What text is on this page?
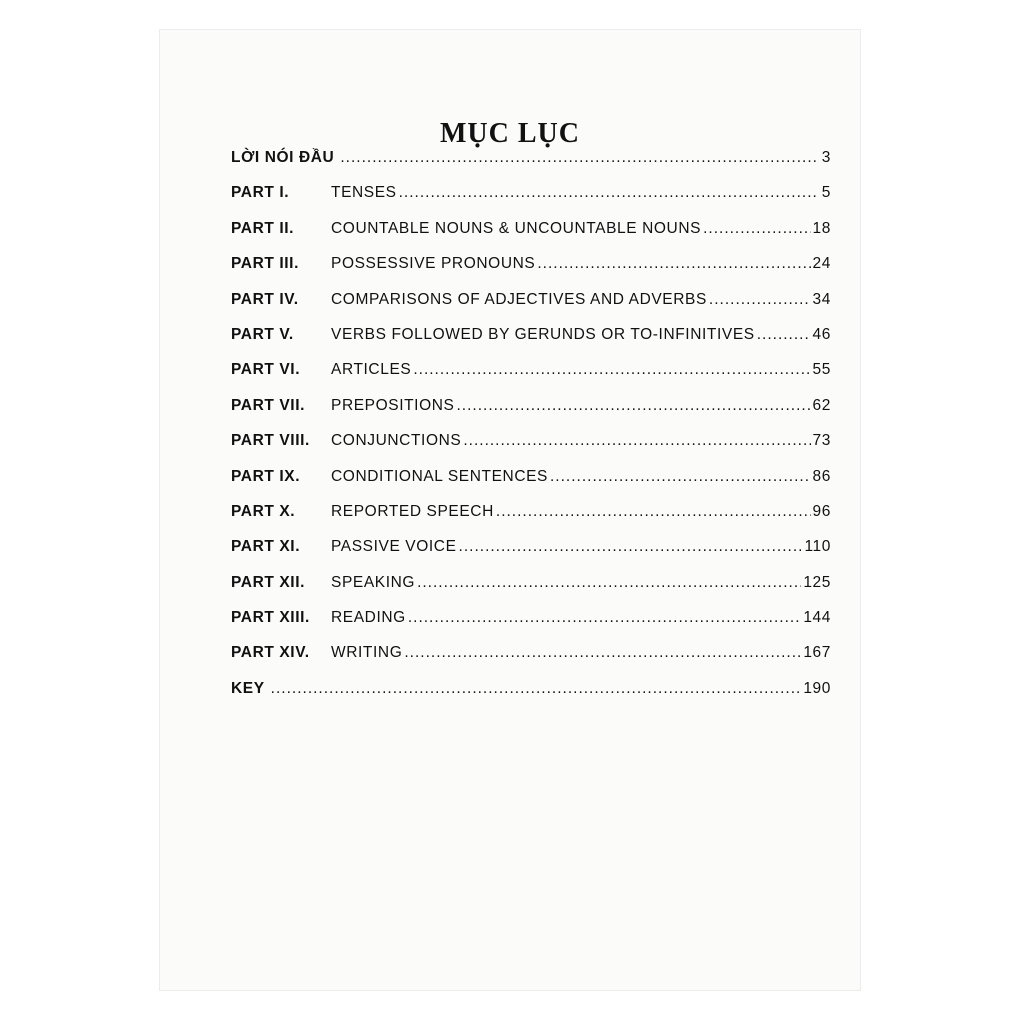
MỤC LỤC
LỜI NÓI ĐẦU .....	3
PART I.	TENSES .....	5
PART II.	COUNTABLE NOUNS & UNCOUNTABLE NOUNS .....	18
PART III.	POSSESSIVE PRONOUNS .....	24
PART IV.	COMPARISONS OF ADJECTIVES AND ADVERBS .....	34
PART V.	VERBS FOLLOWED BY GERUNDS OR TO-INFINITIVES .....	46
PART VI.	ARTICLES .....	55
PART VII.	PREPOSITIONS .....	62
PART VIII.	CONJUNCTIONS .....	73
PART IX.	CONDITIONAL SENTENCES .....	86
PART X.	REPORTED SPEECH .....	96
PART XI.	PASSIVE VOICE .....	110
PART XII.	SPEAKING .....	125
PART XIII.	READING .....	144
PART XIV.	WRITING .....	167
KEY .....	190
